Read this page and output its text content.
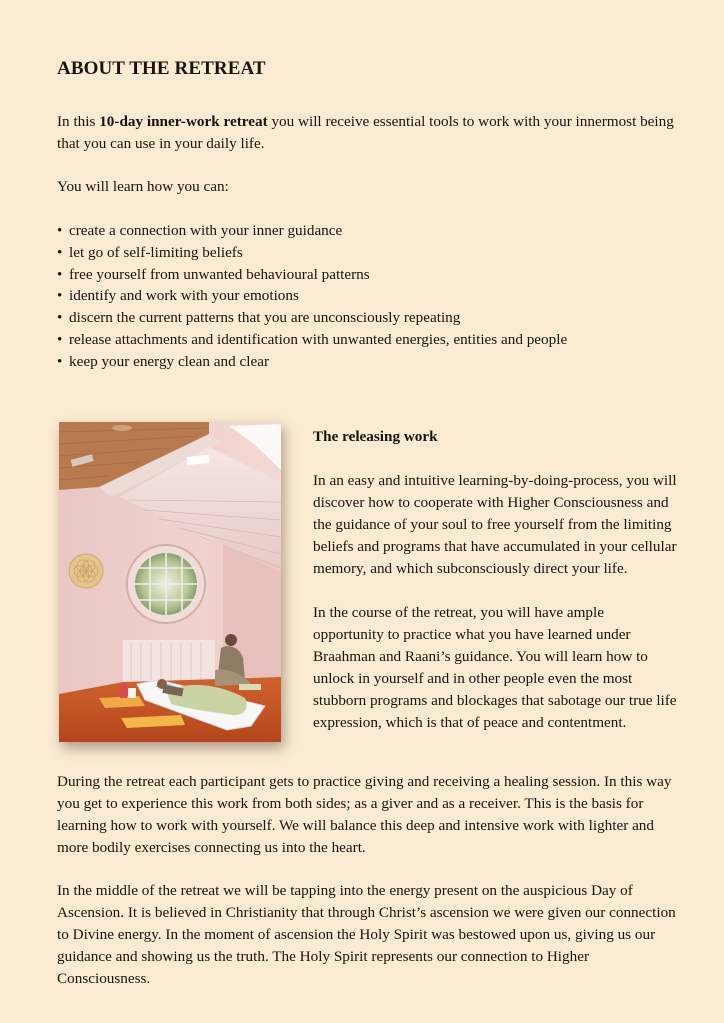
ABOUT THE RETREAT

In this 10-day inner-work retreat you will receive essential tools to work with your innermost being that you can use in your daily life.

You will learn how you can:

• create a connection with your inner guidance
• let go of self-limiting beliefs
• free yourself from unwanted behavioural patterns
• identify and work with your emotions
• discern the current patterns that you are unconsciously repeating
• release attachments and identification with unwanted energies, entities and people
• keep your energy clean and clear
The releasing work

In an easy and intuitive learning-by-doing-process, you will discover how to cooperate with Higher Consciousness and the guidance of your soul to free yourself from the limiting beliefs and programs that have accumulated in your cellular memory, and which subconsciously direct your life.

In the course of the retreat, you will have ample opportunity to practice what you have learned under Braahman and Raani’s guidance. You will learn how to unlock in yourself and in other people even the most stubborn programs and blockages that sabotage our true life expression, which is that of peace and contentment.

During the retreat each participant gets to practice giving and receiving a healing session. In this way you get to experience this work from both sides; as a giver and as a receiver. This is the basis for learning how to work with yourself. We will balance this deep and intensive work with lighter and more bodily exercises connecting us into the heart.

In the middle of the retreat we will be tapping into the energy present on the auspicious Day of Ascension. It is believed in Christianity that through Christ’s ascension we were given our connection to Divine energy. In the moment of ascension the Holy Spirit was bestowed upon us, giving us our guidance and showing us the truth. The Holy Spirit represents our connection to Higher Consciousness.
